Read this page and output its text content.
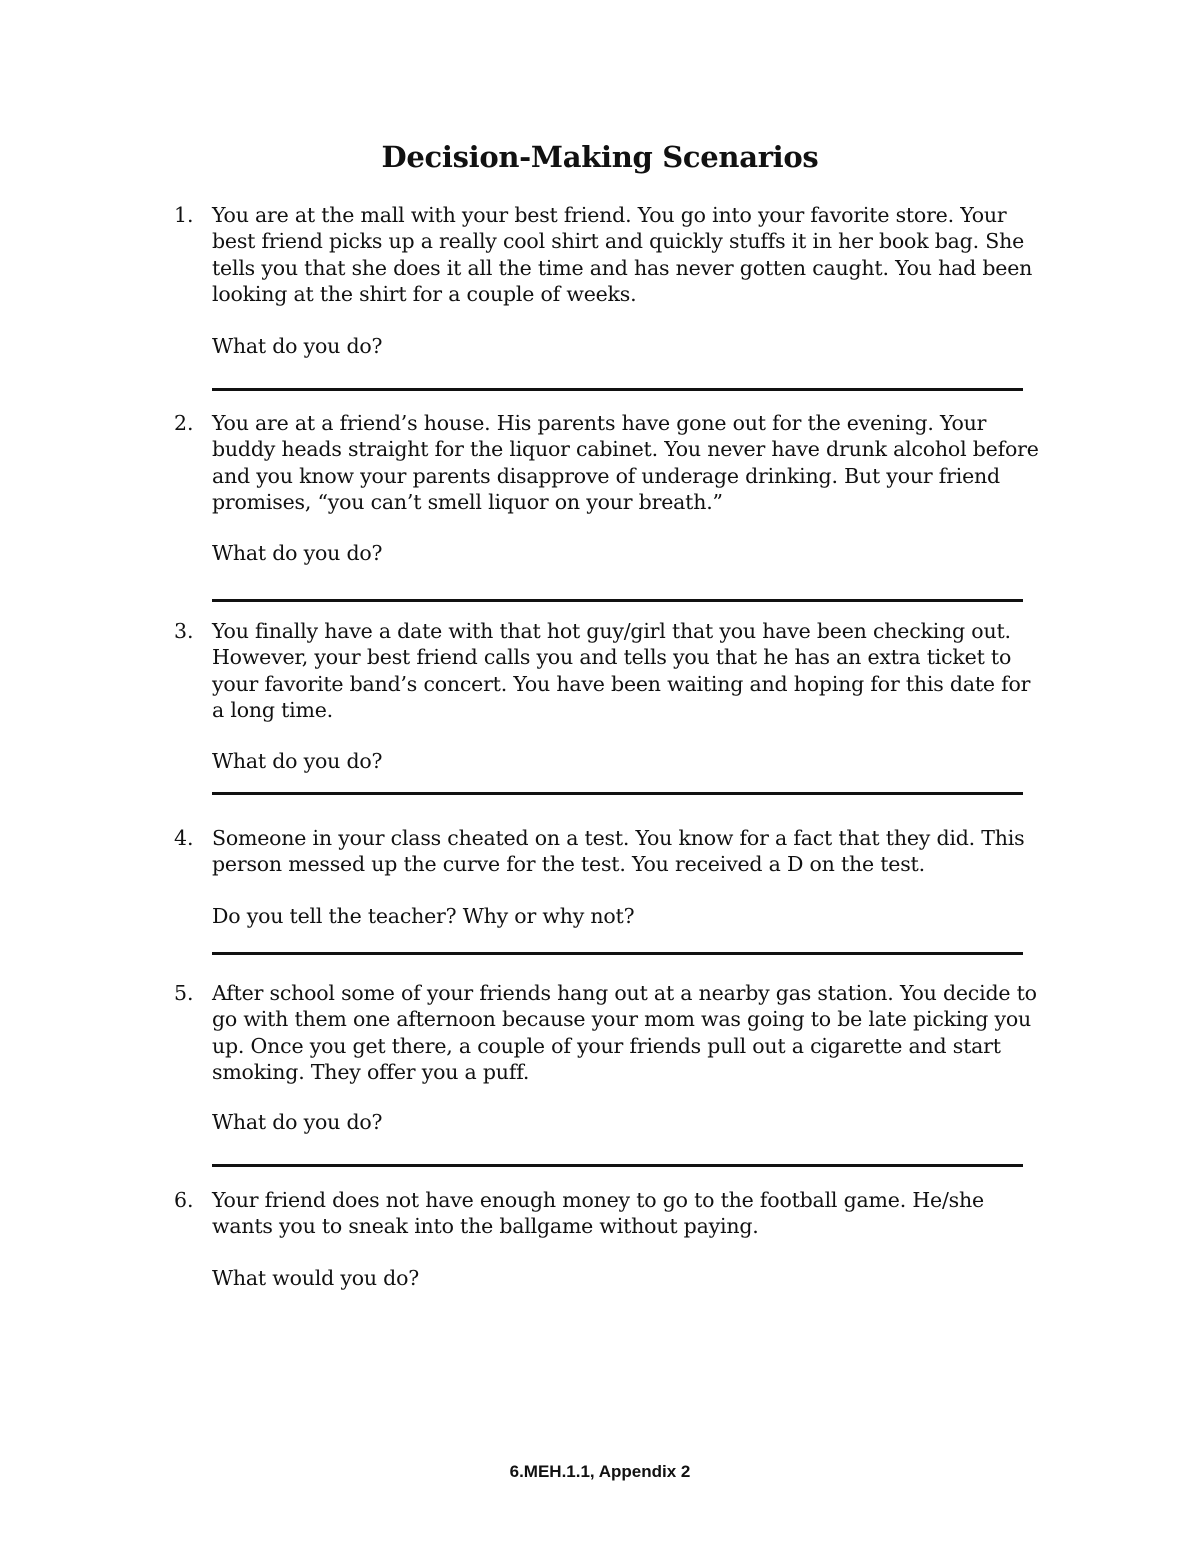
Decision-Making Scenarios
1. You are at the mall with your best friend. You go into your favorite store. Your
best friend picks up a really cool shirt and quickly stuffs it in her book bag. She
tells you that she does it all the time and has never gotten caught. You had been
looking at the shirt for a couple of weeks.
What do you do?
2. You are at a friend’s house. His parents have gone out for the evening. Your
buddy heads straight for the liquor cabinet. You never have drunk alcohol before
and you know your parents disapprove of underage drinking. But your friend
promises, “you can’t smell liquor on your breath.”
What do you do?
3. You finally have a date with that hot guy/girl that you have been checking out.
However, your best friend calls you and tells you that he has an extra ticket to
your favorite band’s concert. You have been waiting and hoping for this date for
a long time.
What do you do?
4. Someone in your class cheated on a test. You know for a fact that they did. This
person messed up the curve for the test. You received a D on the test.
Do you tell the teacher? Why or why not?
5. After school some of your friends hang out at a nearby gas station. You decide to
go with them one afternoon because your mom was going to be late picking you
up. Once you get there, a couple of your friends pull out a cigarette and start
smoking. They offer you a puff.
What do you do?
6. Your friend does not have enough money to go to the football game. He/she
wants you to sneak into the ballgame without paying.
What would you do?
6.MEH.1.1, Appendix 2
